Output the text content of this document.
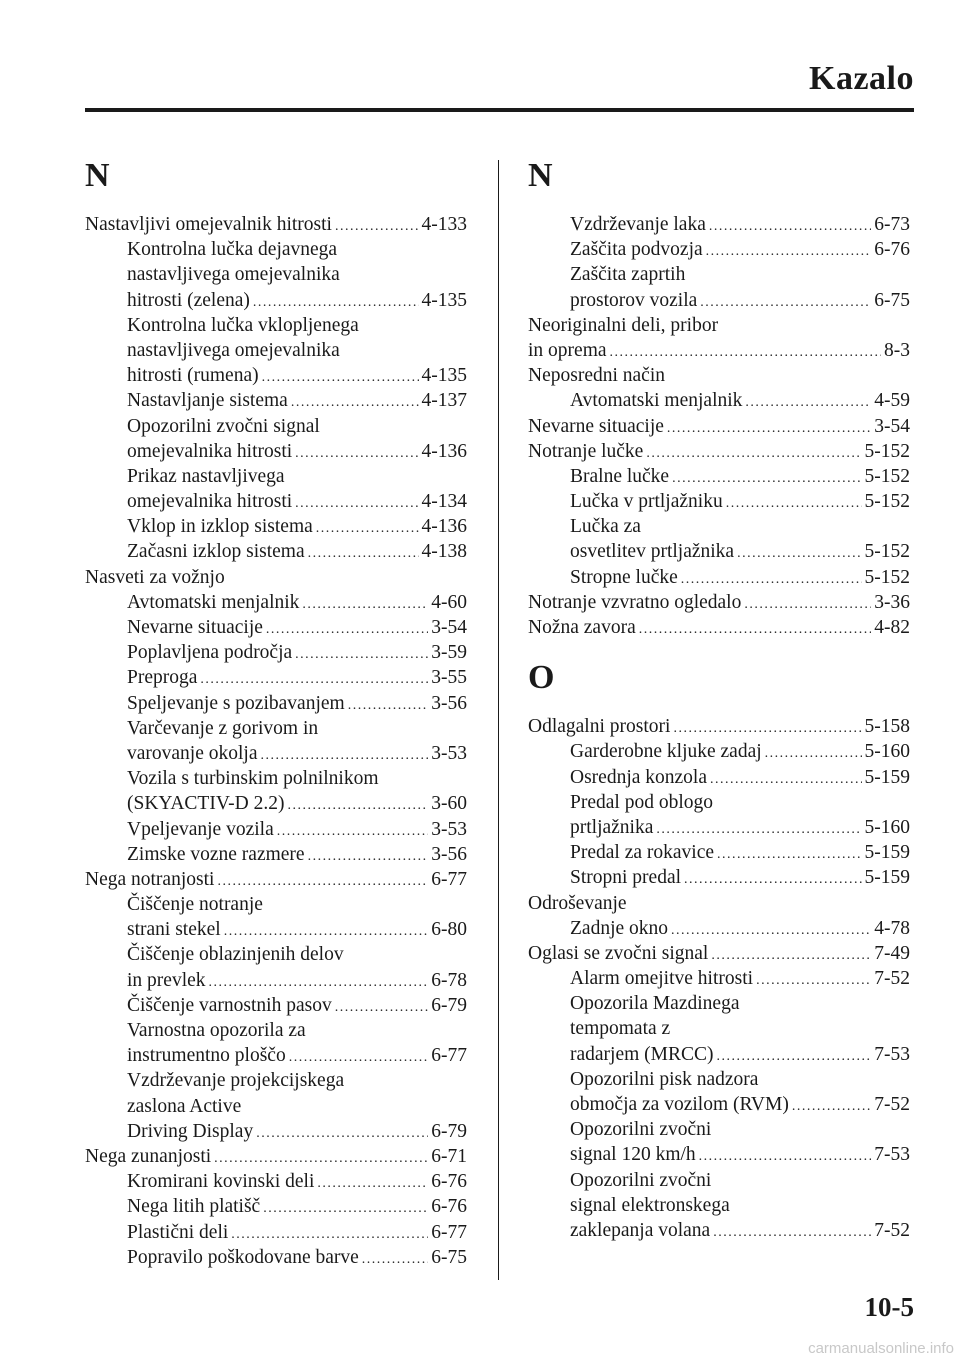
Kazalo
N
Nastavljivi omejevalnik hitrosti .....	4-133
Kontrolna lučka dejavnega
nastavljivega omejevalnika
hitrosti (zelena) .....	4-135
Kontrolna lučka vklopljenega
nastavljivega omejevalnika
hitrosti (rumena) .....	4-135
Nastavljanje sistema .....	4-137
Opozorilni zvočni signal
omejevalnika hitrosti .....	4-136
Prikaz nastavljivega
omejevalnika hitrosti .....	4-134
Vklop in izklop sistema .....	4-136
Začasni izklop sistema .....	4-138
Nasveti za vožnjo
Avtomatski menjalnik .....	4-60
Nevarne situacije .....	3-54
Poplavljena področja .....	3-59
Preproga .....	3-55
Speljevanje s pozibavanjem .....	3-56
Varčevanje z gorivom in
varovanje okolja .....	3-53
Vozila s turbinskim polnilnikom
(SKYACTIV-D 2.2) .....	3-60
Vpeljevanje vozila .....	3-53
Zimske vozne razmere .....	3-56
Nega notranjosti .....	6-77
Čiščenje notranje
strani stekel .....	6-80
Čiščenje oblazinjenih delov
in prevlek .....	6-78
Čiščenje varnostnih pasov .....	6-79
Varnostna opozorila za
instrumentno ploščo .....	6-77
Vzdrževanje projekcijskega
zaslona Active
Driving Display .....	6-79
Nega zunanjosti .....	6-71
Kromirani kovinski deli .....	6-76
Nega litih platišč .....	6-76
Plastični deli .....	6-77
Popravilo poškodovane barve .....	6-75
N
Vzdrževanje laka .....	6-73
Zaščita podvozja .....	6-76
Zaščita zaprtih
prostorov vozila .....	6-75
Neoriginalni deli, pribor
in oprema .....	8-3
Neposredni način
Avtomatski menjalnik .....	4-59
Nevarne situacije .....	3-54
Notranje lučke .....	5-152
Bralne lučke .....	5-152
Lučka v prtljažniku .....	5-152
Lučka za
osvetlitev prtljažnika .....	5-152
Stropne lučke .....	5-152
Notranje vzvratno ogledalo .....	3-36
Nožna zavora .....	4-82
O
Odlagalni prostori .....	5-158
Garderobne kljuke zadaj .....	5-160
Osrednja konzola .....	5-159
Predal pod oblogo
prtljažnika .....	5-160
Predal za rokavice .....	5-159
Stropni predal .....	5-159
Odroševanje
Zadnje okno .....	4-78
Oglasi se zvočni signal .....	7-49
Alarm omejitve hitrosti .....	7-52
Opozorila Mazdinega
tempomata z
radarjem (MRCC) .....	7-53
Opozorilni pisk nadzora
območja za vozilom (RVM) .....	7-52
Opozorilni zvočni
signal 120 km/h .....	7-53
Opozorilni zvočni
signal elektronskega
zaklepanja volana .....	7-52
10-5
carmanualsonline.info
